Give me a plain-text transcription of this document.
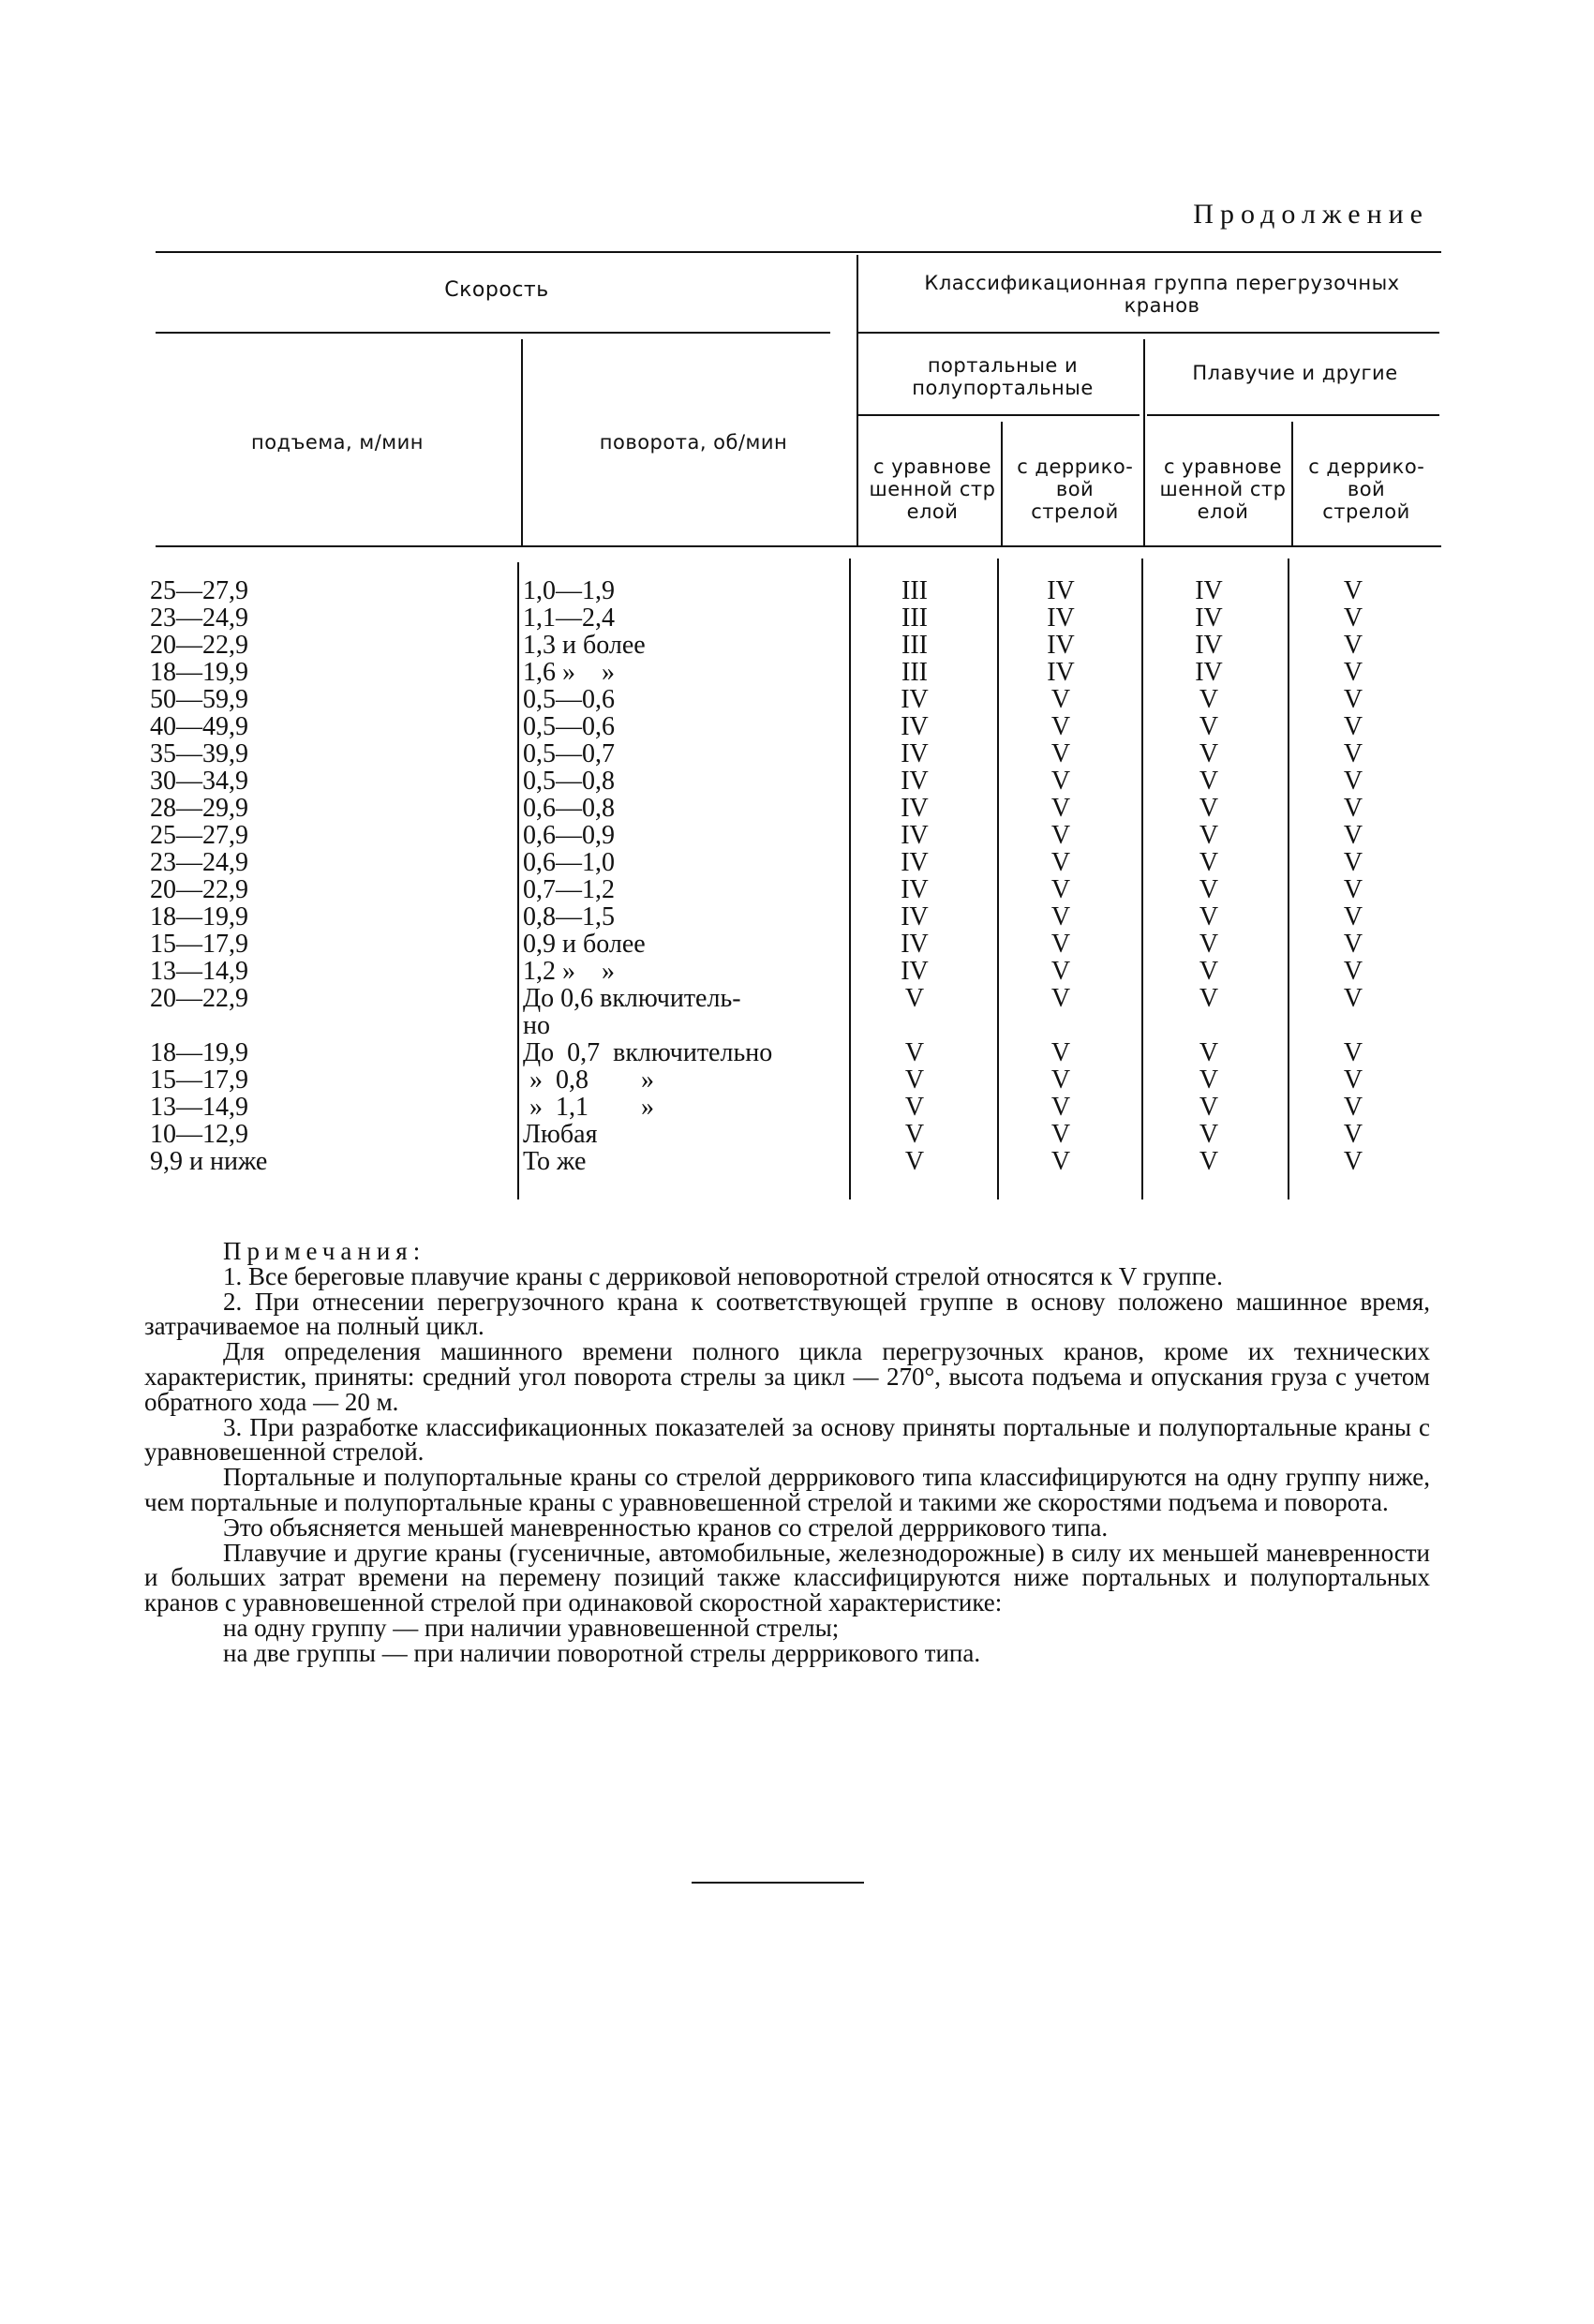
Продолжение
Скорость
подъема, м/мин	поворота, об/мин
Классификационная группа перегрузочных кранов
портальные и полупортальные
Плавучие и другие
с уравновешенной стрелой
с дерриковой стрелой
с уравновешенной стрелой
с дерриковой стрелой
25—27,9	1,0—1,9	III	IV	IV	V
23—24,9	1,1—2,4	III	IV	IV	V
20—22,9	1,3 и более	III	IV	IV	V
18—19,9	1,6 »    »	III	IV	IV	V
50—59,9	0,5—0,6	IV	V	V	V
40—49,9	0,5—0,6	IV	V	V	V
35—39,9	0,5—0,7	IV	V	V	V
30—34,9	0,5—0,8	IV	V	V	V
28—29,9	0,6—0,8	IV	V	V	V
25—27,9	0,6—0,9	IV	V	V	V
23—24,9	0,6—1,0	IV	V	V	V
20—22,9	0,7—1,2	IV	V	V	V
18—19,9	0,8—1,5	IV	V	V	V
15—17,9	0,9 и более	IV	V	V	V
13—14,9	1,2 »    »	IV	V	V	V
20—22,9	До 0,6 включитель-	V	V	V	V
но
18—19,9	До  0,7  включительно	V	V	V	V
15—17,9	»  0,8        »	V	V	V	V
13—14,9	»  1,1        »	V	V	V	V
10—12,9	Любая	V	V	V	V
9,9 и ниже	То же	V	V	V	V
Примечания:

1. Все береговые плавучие краны с дерриковой неповоротной стрелой относятся к V группе.

2. При отнесении перегрузочного крана к соответствующей группе в основу положено машинное время, затрачиваемое на полный цикл.

Для определения машинного времени полного цикла перегрузочных кранов, кроме их технических характеристик, приняты: средний угол поворота стрелы за цикл — 270°, высота подъема и опускания груза с учетом обратного хода — 20 м.

3. При разработке классификационных показателей за основу приняты портальные и полупортальные краны с уравновешенной стрелой.

Портальные и полупортальные краны со стрелой дерррикового типа классифицируются на одну группу ниже, чем портальные и полупортальные краны с уравновешенной стрелой и такими же скоростями подъема и поворота.

Это объясняется меньшей маневренностью кранов со стрелой дерррикового типа.

Плавучие и другие краны (гусеничные, автомобильные, железнодорожные) в силу их меньшей маневренности и больших затрат времени на перемену позиций также классифицируются ниже портальных и полупортальных кранов с уравновешенной стрелой при одинаковой скоростной характеристике:

на одну группу — при наличии уравновешенной стрелы;

на две группы — при наличии поворотной стрелы дерррикового типа.
